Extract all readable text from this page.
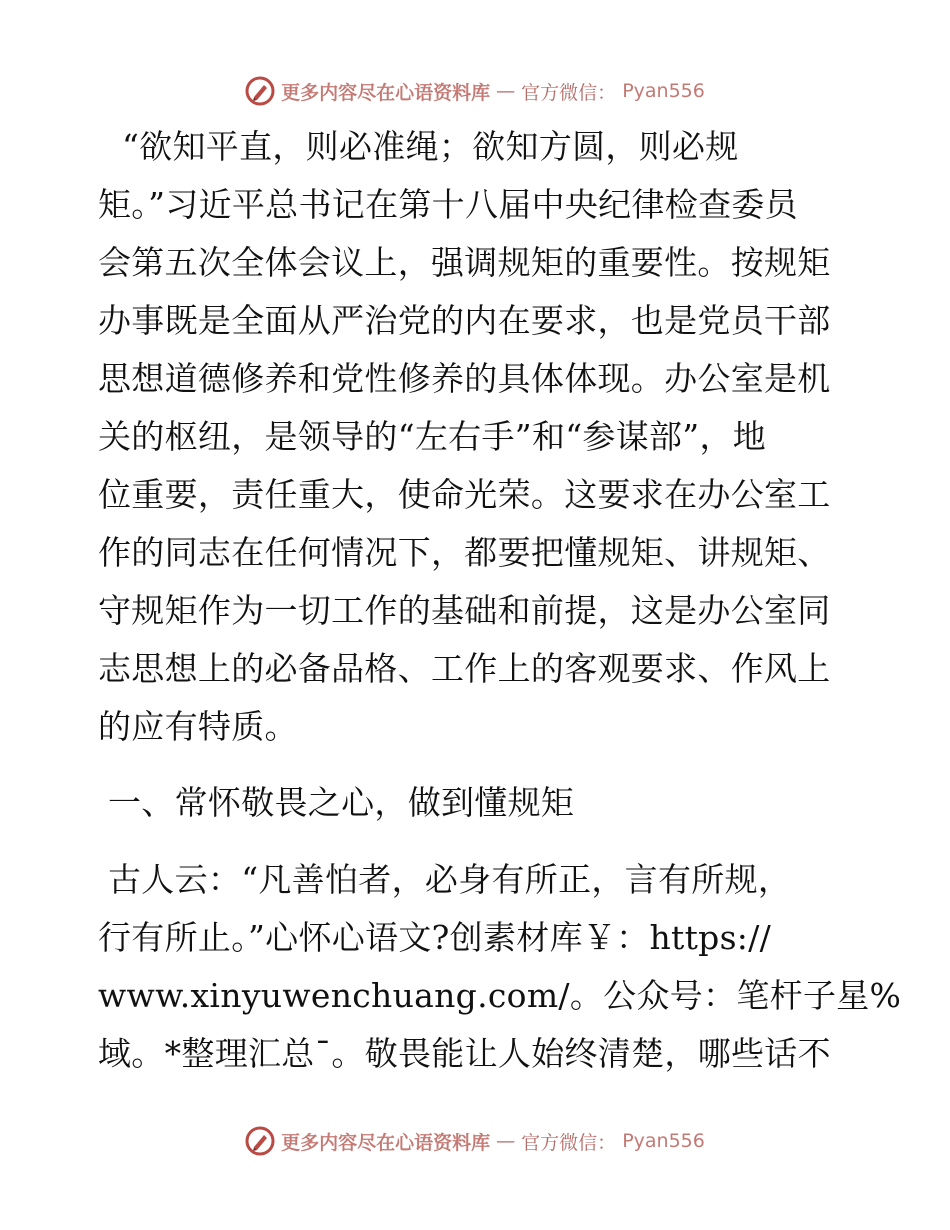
更多内容尽在心语资料库 — 官方微信： Pyan556
“欲知平直，则必准绳；欲知方圆，则必规
矩。”习近平总书记在第十八届中央纪律检查委员
会第五次全体会议上，强调规矩的重要性。按规矩
办事既是全面从严治党的内在要求，也是党员干部
思想道德修养和党性修养的具体体现。办公室是机
关的枢纽，是领导的“左右手”和“参谋部”，地
位重要，责任重大，使命光荣。这要求在办公室工
作的同志在任何情况下，都要把懂规矩、讲规矩、
守规矩作为一切工作的基础和前提，这是办公室同
志思想上的必备品格、工作上的客观要求、作风上
的应有特质。
一、常怀敬畏之心，做到懂规矩
古人云：“凡善怕者，必身有所正，言有所规，
行有所止。”心怀心语文?创素材库￥：https://
www.xinyuwenchuang.com/。公众号：笔杆子星%
域。*整理汇总¯。敬畏能让人始终清楚，哪些话不
更多内容尽在心语资料库 — 官方微信： Pyan556
